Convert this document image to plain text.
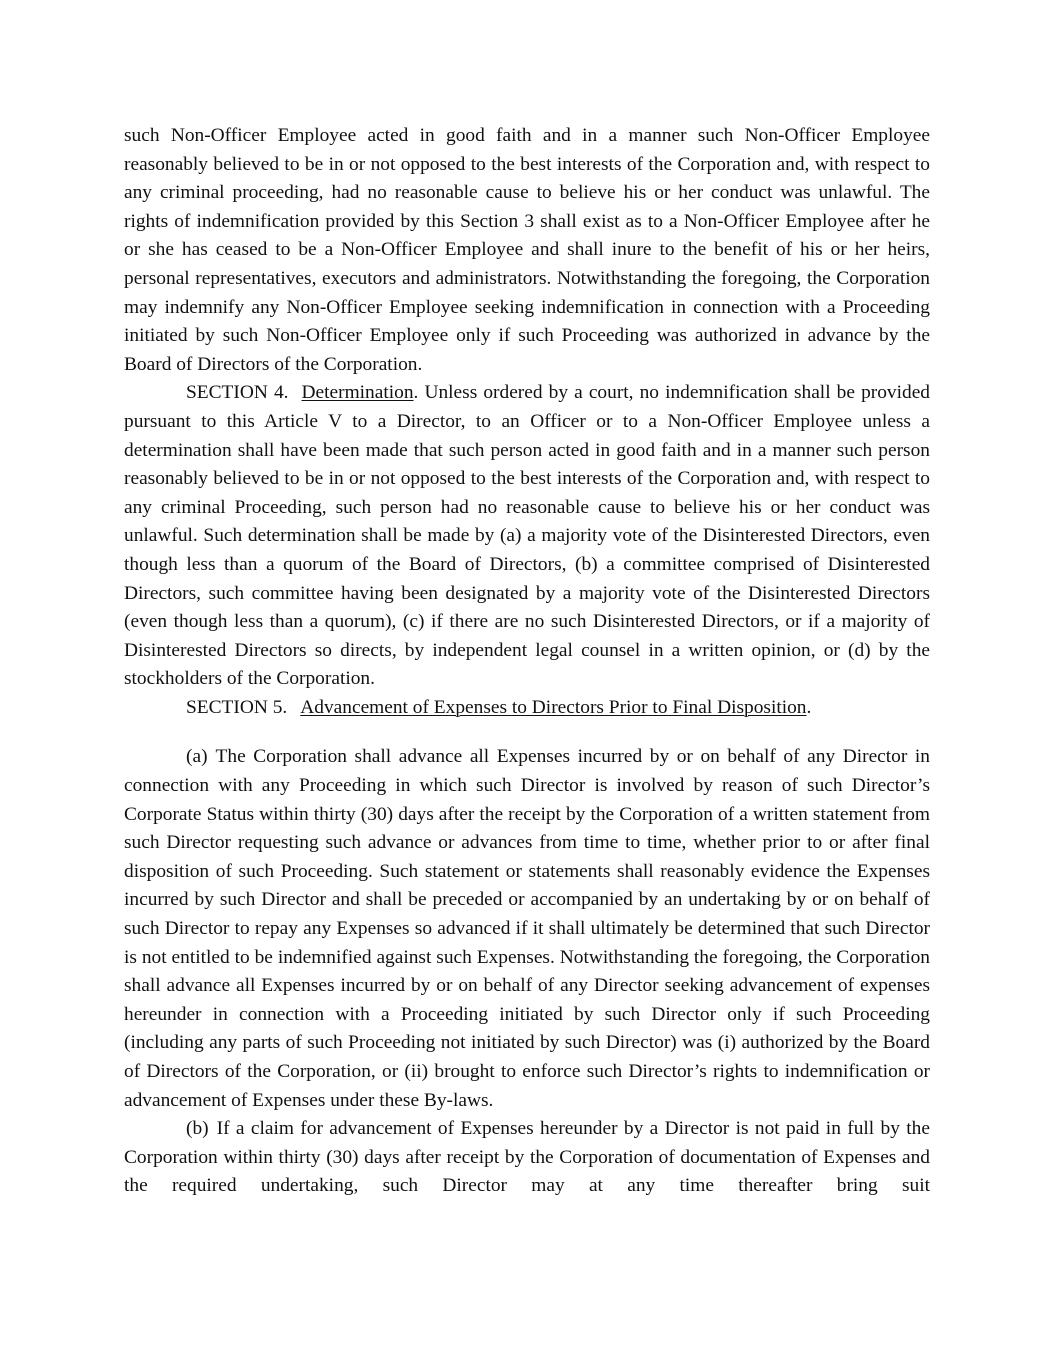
such Non-Officer Employee acted in good faith and in a manner such Non-Officer Employee reasonably believed to be in or not opposed to the best interests of the Corporation and, with respect to any criminal proceeding, had no reasonable cause to believe his or her conduct was unlawful. The rights of indemnification provided by this Section 3 shall exist as to a Non-Officer Employee after he or she has ceased to be a Non-Officer Employee and shall inure to the benefit of his or her heirs, personal representatives, executors and administrators. Notwithstanding the foregoing, the Corporation may indemnify any Non-Officer Employee seeking indemnification in connection with a Proceeding initiated by such Non-Officer Employee only if such Proceeding was authorized in advance by the Board of Directors of the Corporation.

SECTION 4. Determination. Unless ordered by a court, no indemnification shall be provided pursuant to this Article V to a Director, to an Officer or to a Non-Officer Employee unless a determination shall have been made that such person acted in good faith and in a manner such person reasonably believed to be in or not opposed to the best interests of the Corporation and, with respect to any criminal Proceeding, such person had no reasonable cause to believe his or her conduct was unlawful. Such determination shall be made by (a) a majority vote of the Disinterested Directors, even though less than a quorum of the Board of Directors, (b) a committee comprised of Disinterested Directors, such committee having been designated by a majority vote of the Disinterested Directors (even though less than a quorum), (c) if there are no such Disinterested Directors, or if a majority of Disinterested Directors so directs, by independent legal counsel in a written opinion, or (d) by the stockholders of the Corporation.

SECTION 5. Advancement of Expenses to Directors Prior to Final Disposition.

(a) The Corporation shall advance all Expenses incurred by or on behalf of any Director in connection with any Proceeding in which such Director is involved by reason of such Director’s Corporate Status within thirty (30) days after the receipt by the Corporation of a written statement from such Director requesting such advance or advances from time to time, whether prior to or after final disposition of such Proceeding. Such statement or statements shall reasonably evidence the Expenses incurred by such Director and shall be preceded or accompanied by an undertaking by or on behalf of such Director to repay any Expenses so advanced if it shall ultimately be determined that such Director is not entitled to be indemnified against such Expenses. Notwithstanding the foregoing, the Corporation shall advance all Expenses incurred by or on behalf of any Director seeking advancement of expenses hereunder in connection with a Proceeding initiated by such Director only if such Proceeding (including any parts of such Proceeding not initiated by such Director) was (i) authorized by the Board of Directors of the Corporation, or (ii) brought to enforce such Director’s rights to indemnification or advancement of Expenses under these By-laws.

(b) If a claim for advancement of Expenses hereunder by a Director is not paid in full by the Corporation within thirty (30) days after receipt by the Corporation of documentation of Expenses and the required undertaking, such Director may at any time thereafter bring suit
